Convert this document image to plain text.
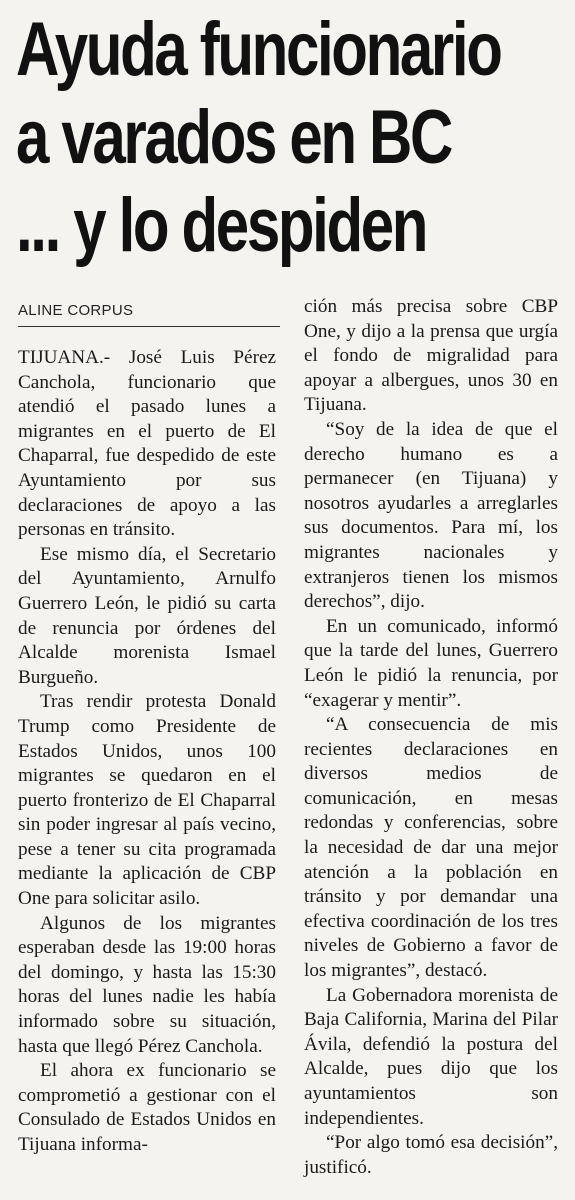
Ayuda funcionario
a varados en BC
... y lo despiden
ALINE CORPUS

TIJUANA.- José Luis Pérez Canchola, funcionario que atendió el pasado lunes a migrantes en el puerto de El Chaparral, fue despedido de este Ayuntamiento por sus declaraciones de apoyo a las personas en tránsito.

Ese mismo día, el Secretario del Ayuntamiento, Arnulfo Guerrero León, le pidió su carta de renuncia por órdenes del Alcalde morenista Ismael Burgueño.

Tras rendir protesta Donald Trump como Presidente de Estados Unidos, unos 100 migrantes se quedaron en el puerto fronterizo de El Chaparral sin poder ingresar al país vecino, pese a tener su cita programada mediante la aplicación de CBP One para solicitar asilo.

Algunos de los migrantes esperaban desde las 19:00 horas del domingo, y hasta las 15:30 horas del lunes nadie les había informado sobre su situación, hasta que llegó Pérez Canchola.

El ahora ex funcionario se comprometió a gestionar con el Consulado de Estados Unidos en Tijuana informa-

ción más precisa sobre CBP One, y dijo a la prensa que urgía el fondo de migralidad para apoyar a albergues, unos 30 en Tijuana.

“Soy de la idea de que el derecho humano es a permanecer (en Tijuana) y nosotros ayudarles a arreglarles sus documentos. Para mí, los migrantes nacionales y extranjeros tienen los mismos derechos”, dijo.

En un comunicado, informó que la tarde del lunes, Guerrero León le pidió la renuncia, por “exagerar y mentir”.

“A consecuencia de mis recientes declaraciones en diversos medios de comunicación, en mesas redondas y conferencias, sobre la necesidad de dar una mejor atención a la población en tránsito y por demandar una efectiva coordinación de los tres niveles de Gobierno a favor de los migrantes”, destacó.

La Gobernadora morenista de Baja California, Marina del Pilar Ávila, defendió la postura del Alcalde, pues dijo que los ayuntamientos son independientes.

“Por algo tomó esa decisión”, justificó.
